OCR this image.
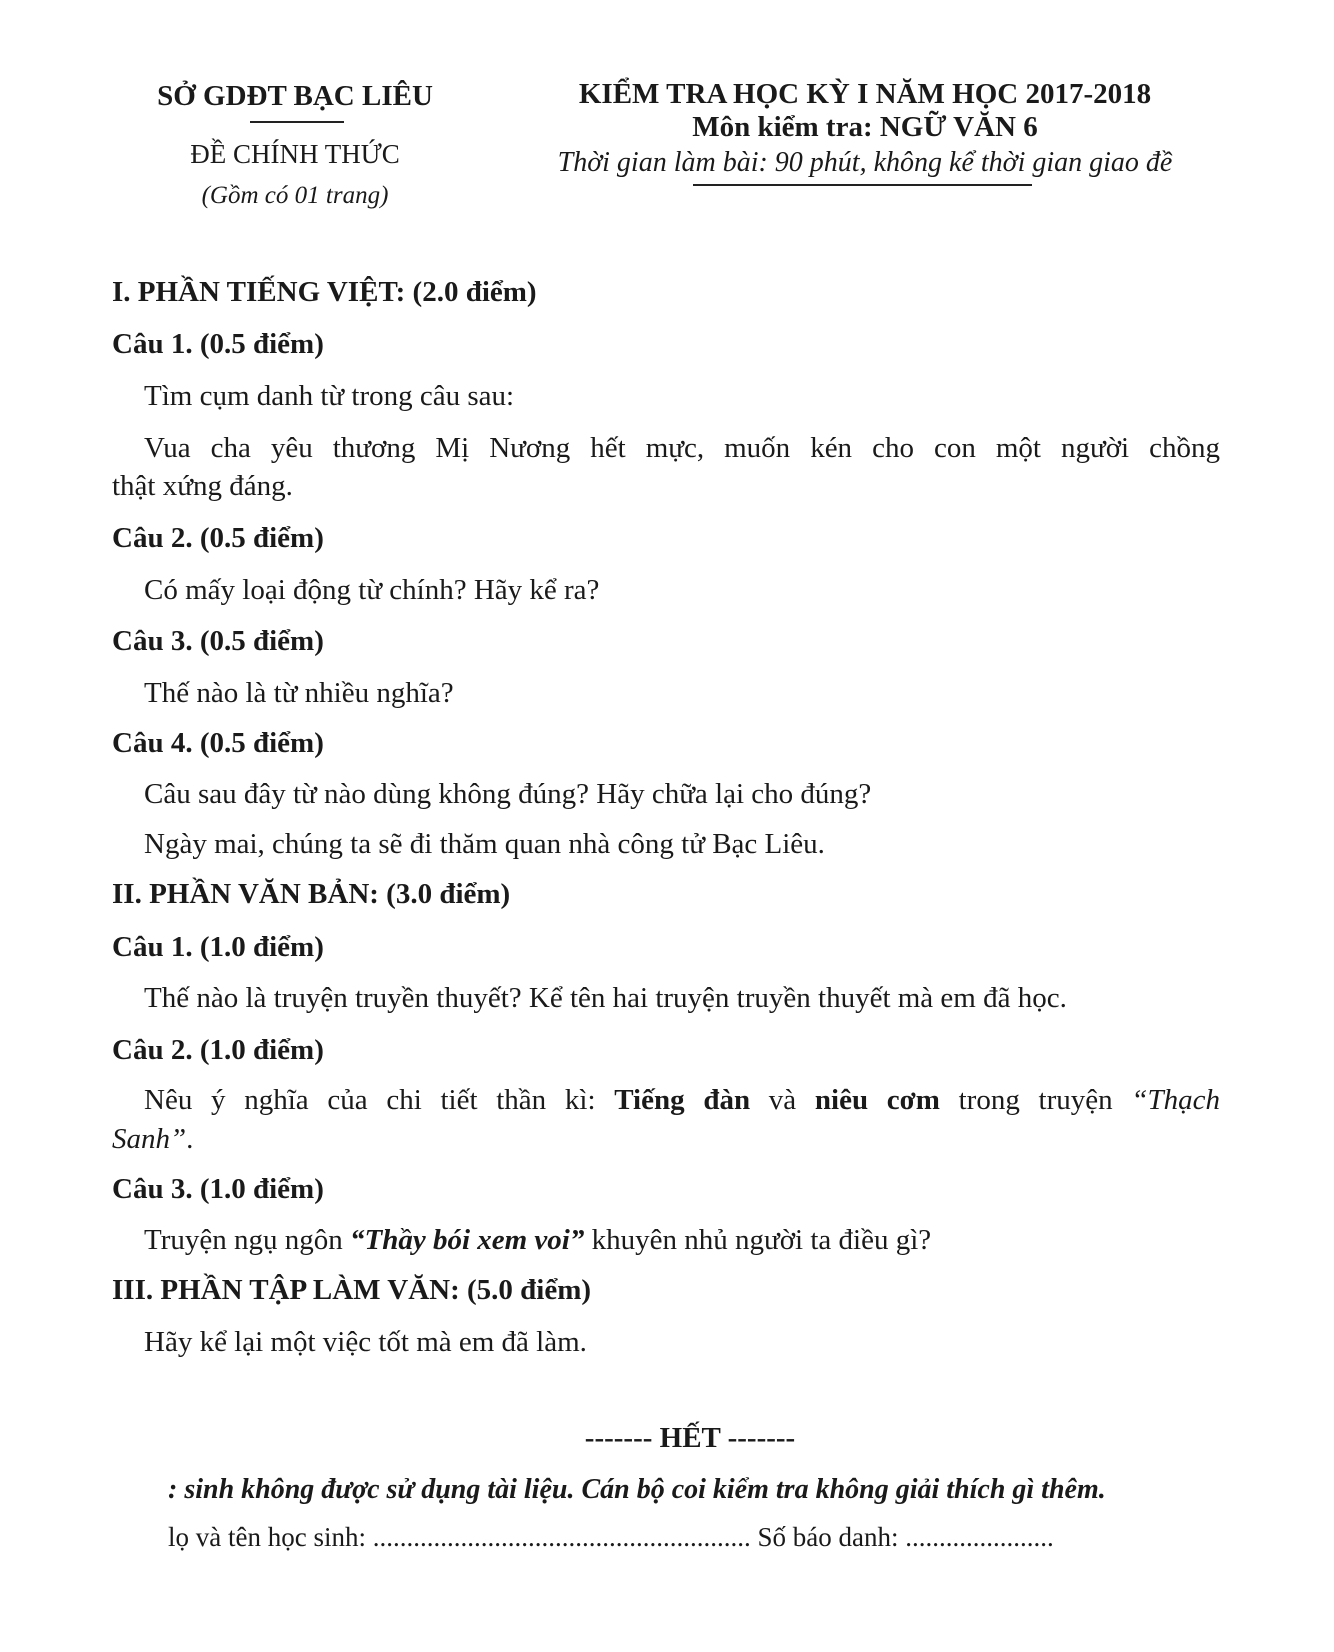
SỞ GDĐT BẠC LIÊU
ĐỀ CHÍNH THỨC
(Gồm có 01 trang)
KIỂM TRA HỌC KỲ I NĂM HỌC 2017-2018
Môn kiểm tra: NGỮ VĂN 6
Thời gian làm bài: 90 phút, không kể thời gian giao đề
I. PHẦN TIẾNG VIỆT: (2.0 điểm)
Câu 1. (0.5 điểm)
Tìm cụm danh từ trong câu sau:
Vua cha yêu thương Mị Nương hết mực, muốn kén cho con một người chồng
thật xứng đáng.
Câu 2. (0.5 điểm)
Có mấy loại động từ chính? Hãy kể ra?
Câu 3. (0.5 điểm)
Thế nào là từ nhiều nghĩa?
Câu 4. (0.5 điểm)
Câu sau đây từ nào dùng không đúng? Hãy chữa lại cho đúng?
Ngày mai, chúng ta sẽ đi thăm quan nhà công tử Bạc Liêu.
II. PHẦN VĂN BẢN: (3.0 điểm)
Câu 1. (1.0 điểm)
Thế nào là truyện truyền thuyết? Kể tên hai truyện truyền thuyết mà em đã học.
Câu 2. (1.0 điểm)
Nêu ý nghĩa của chi tiết thần kì: Tiếng đàn và niêu cơm trong truyện “Thạch
Sanh”.
Câu 3. (1.0 điểm)
Truyện ngụ ngôn “Thầy bói xem voi” khuyên nhủ người ta điều gì?
III. PHẦN TẬP LÀM VĂN: (5.0 điểm)
Hãy kể lại một việc tốt mà em đã làm.
------- HẾT -------
: sinh không được sử dụng tài liệu. Cán bộ coi kiểm tra không giải thích gì thêm.
lọ và tên học sinh: ........................................................ Số báo danh: ......................
